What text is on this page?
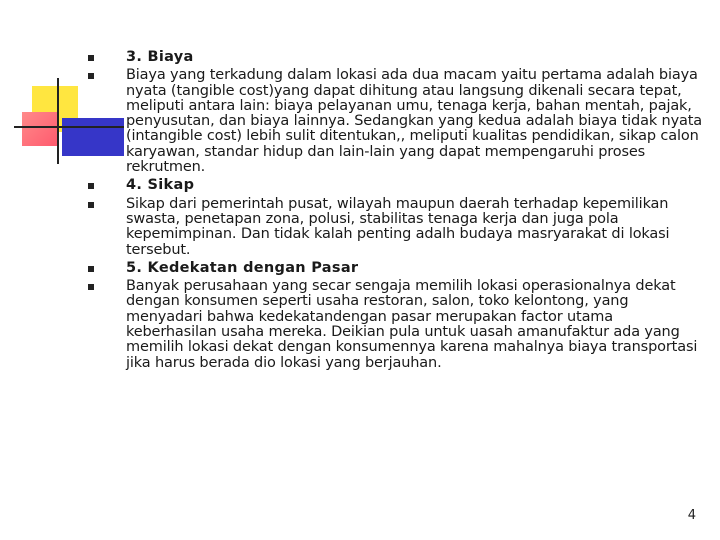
3. Biaya
Biaya yang terkadung dalam lokasi ada dua macam yaitu pertama adalah biaya nyata (tangible cost)yang dapat dihitung atau langsung dikenali secara tepat, meliputi antara lain: biaya pelayanan umu, tenaga kerja, bahan mentah, pajak, penyusutan, dan biaya lainnya. Sedangkan yang kedua adalah biaya tidak nyata (intangible cost) lebih sulit ditentukan,, meliputi kualitas pendidikan, sikap calon karyawan, standar hidup dan lain-lain yang dapat mempengaruhi proses rekrutmen.
4. Sikap
Sikap dari pemerintah pusat, wilayah maupun daerah terhadap kepemilikan swasta, penetapan zona, polusi, stabilitas tenaga kerja dan juga pola kepemimpinan. Dan tidak kalah penting adalh budaya masryarakat di lokasi tersebut.
5. Kedekatan dengan Pasar
Banyak perusahaan yang secar sengaja memilih lokasi operasionalnya dekat dengan konsumen seperti usaha restoran, salon, toko kelontong, yang menyadari bahwa kedekatandengan pasar merupakan factor utama keberhasilan usaha mereka. Deikian pula untuk uasah amanufaktur ada yang memilih lokasi dekat dengan konsumennya karena mahalnya biaya transportasi jika harus berada dio lokasi yang berjauhan.
4
